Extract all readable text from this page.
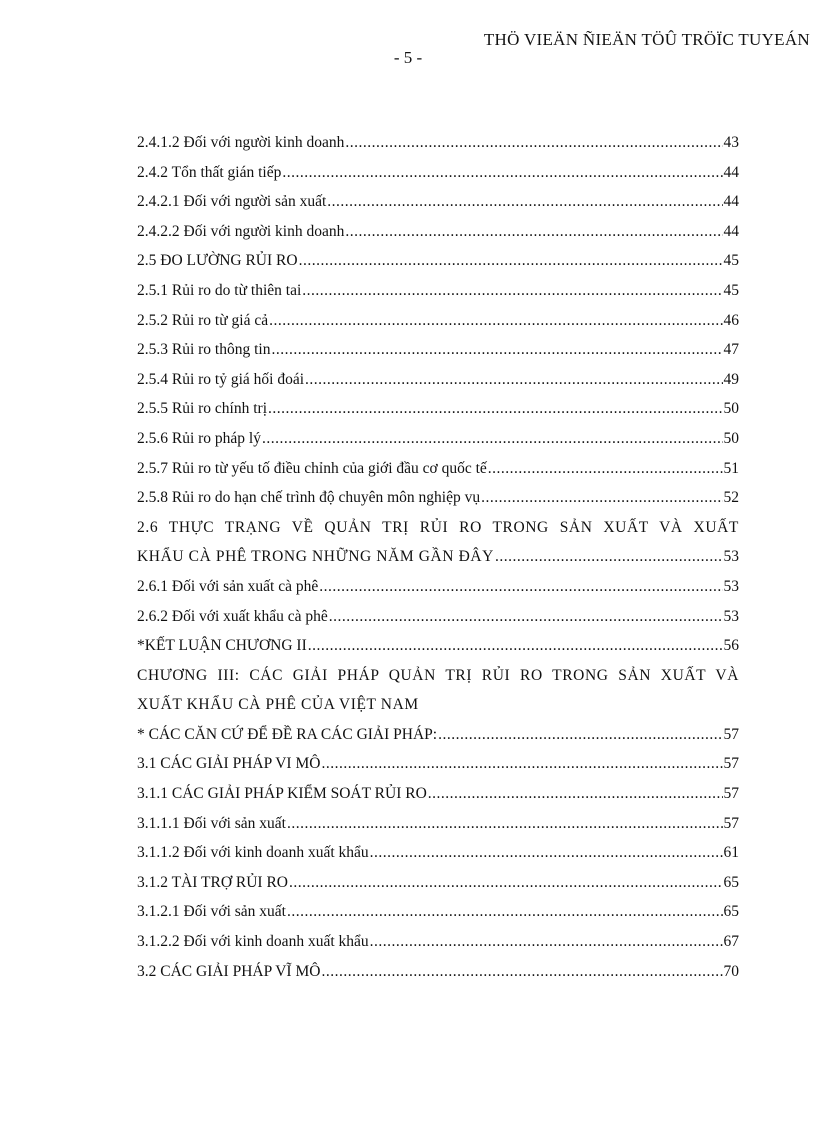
THÖ VIEÄN ÑIEÄN TÖÛ TRÖÏC TUYEÁN
- 5 -
2.4.1.2 Đối với người kinh doanh .....	43
2.4.2 Tổn thất gián tiếp .....	44
2.4.2.1 Đối với người sản xuất .....	44
2.4.2.2 Đối với người kinh doanh .....	44
2.5 ĐO LƯỜNG RỦI RO .....	45
2.5.1 Rủi ro do từ thiên tai .....	45
2.5.2 Rủi ro từ giá cả .....	46
2.5.3 Rủi ro thông tin .....	47
2.5.4 Rủi ro tỷ giá hối đoái .....	49
2.5.5 Rủi ro chính trị .....	50
2.5.6 Rủi ro pháp lý .....	50
2.5.7 Rủi ro từ yếu tố điều chỉnh của giới đầu cơ quốc tế .....	51
2.5.8 Rủi ro do hạn chế trình độ chuyên môn nghiệp vụ .....	52
2.6 THỰC TRẠNG VỀ QUẢN TRỊ RỦI RO TRONG SẢN XUẤT VÀ XUẤT
KHẨU CÀ PHÊ TRONG NHỮNG NĂM GẦN ĐÂY .....	53
2.6.1 Đối với sản xuất cà phê .....	53
2.6.2 Đối với xuất khẩu cà phê .....	53
*KẾT LUẬN CHƯƠNG II .....	56
CHƯƠNG III: CÁC GIẢI PHÁP QUẢN TRỊ RỦI RO TRONG SẢN XUẤT VÀ
XUẤT KHẨU CÀ PHÊ CỦA VIỆT NAM
* CÁC CĂN CỨ ĐỂ ĐỀ RA CÁC GIẢI PHÁP: .....	57
3.1 CÁC GIẢI PHÁP VI MÔ .....	57
3.1.1 CÁC GIẢI PHÁP KIỂM SOÁT RỦI RO .....	57
3.1.1.1 Đối với sản xuất .....	57
3.1.1.2 Đối với kinh doanh xuất khẩu .....	61
3.1.2 TÀI TRỢ RỦI RO .....	65
3.1.2.1 Đối với sản xuất .....	65
3.1.2.2 Đối với kinh doanh xuất khẩu .....	67
3.2 CÁC GIẢI PHÁP VĨ MÔ .....	70
